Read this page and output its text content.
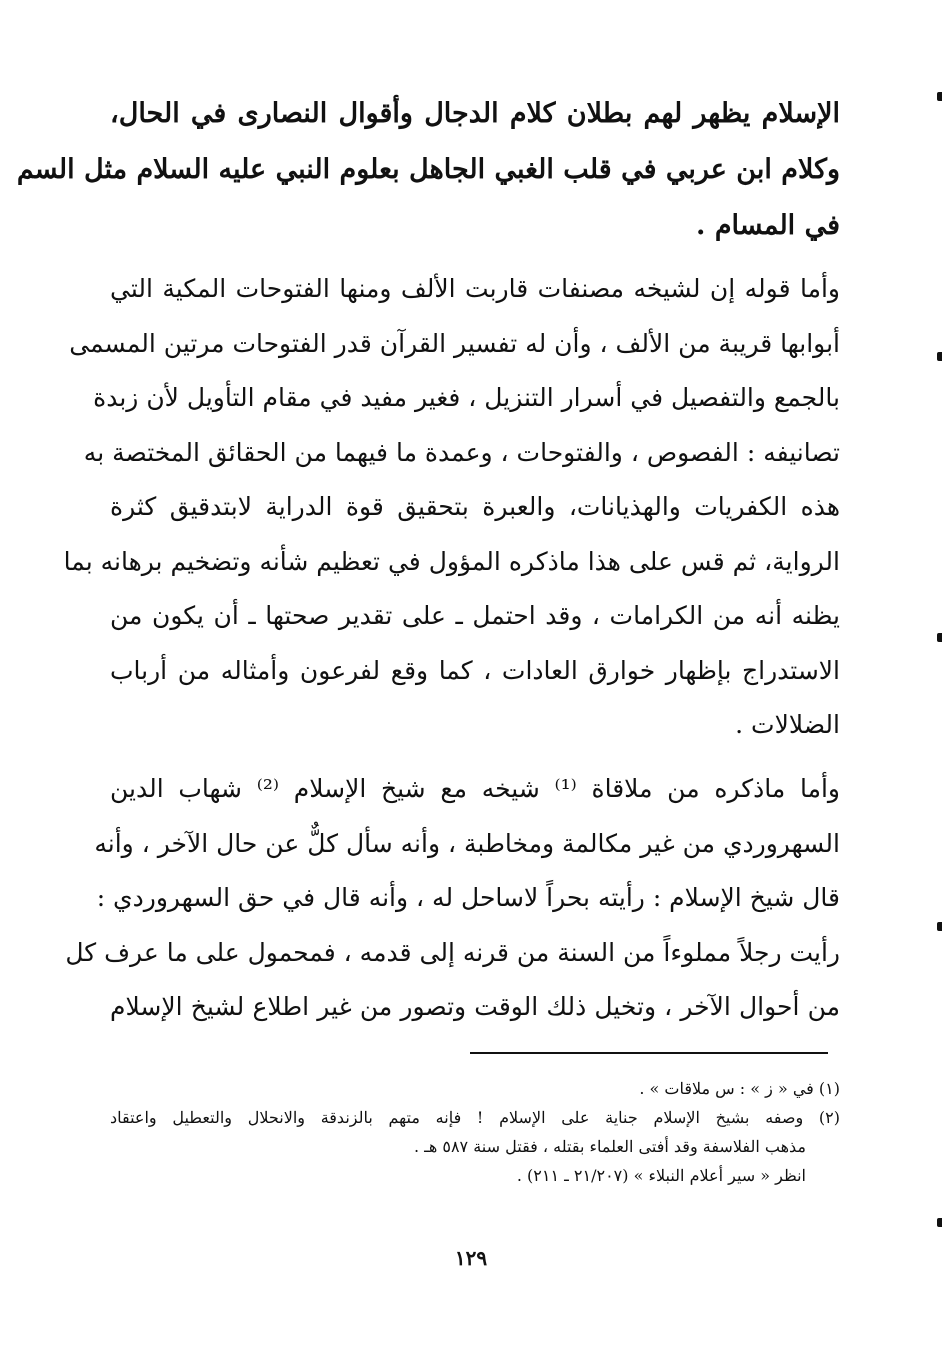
الإسلام يظهر لهم بطلان كلام الدجال وأقوال النصارى في الحال،
وكلام ابن عربي في قلب الغبي الجاهل بعلوم النبي عليه السلام مثل السم
في المسام .
وأما قوله إن لشيخه مصنفات قاربت الألف ومنها الفتوحات المكية التي
أبوابها قريبة من الألف ، وأن له تفسير القرآن قدر الفتوحات مرتين المسمى
بالجمع والتفصيل في أسرار التنزيل ، فغير مفيد في مقام التأويل لأن زبدة
تصانيفه : الفصوص ، والفتوحات ، وعمدة ما فيهما من الحقائق المختصة به
هذه الكفريات والهذيانات، والعبرة بتحقيق قوة الدراية لابتدقيق كثرة
الرواية، ثم قس على هذا ماذكره المؤول في تعظيم شأنه وتضخيم برهانه بما
يظنه أنه من الكرامات ، وقد احتمل ـ على تقدير صحتها ـ أن يكون من
الاستدراج بإظهار خوارق العادات ، كما وقع لفرعون وأمثاله من أرباب
الضلالات .
وأما ماذكره من ملاقاة ⁽¹⁾ شيخه مع شيخ الإسلام ⁽²⁾ شهاب الدين
السهروردي من غير مكالمة ومخاطبة ، وأنه سأل كلٌّ عن حال الآخر ، وأنه
قال شيخ الإسلام : رأيته بحراً لاساحل له ، وأنه قال في حق السهروردي :
رأيت رجلاً مملوءاً من السنة من قرنه إلى قدمه ، فمحمول على ما عرف كل
من أحوال الآخر ، وتخيل ذلك الوقت وتصور من غير اطلاع لشيخ الإسلام
(١) في « ز » : س ملاقات » .
(٢) وصفه بشيخ الإسلام جناية على الإسلام ! فإنه متهم بالزندقة والانحلال والتعطيل واعتقاد
مذهب الفلاسفة وقد أفتى العلماء بقتله ، فقتل سنة ٥٨٧ هـ .
انظر « سير أعلام النبلاء » (٢١/٢٠٧ ـ ٢١١) .
١٢٩
